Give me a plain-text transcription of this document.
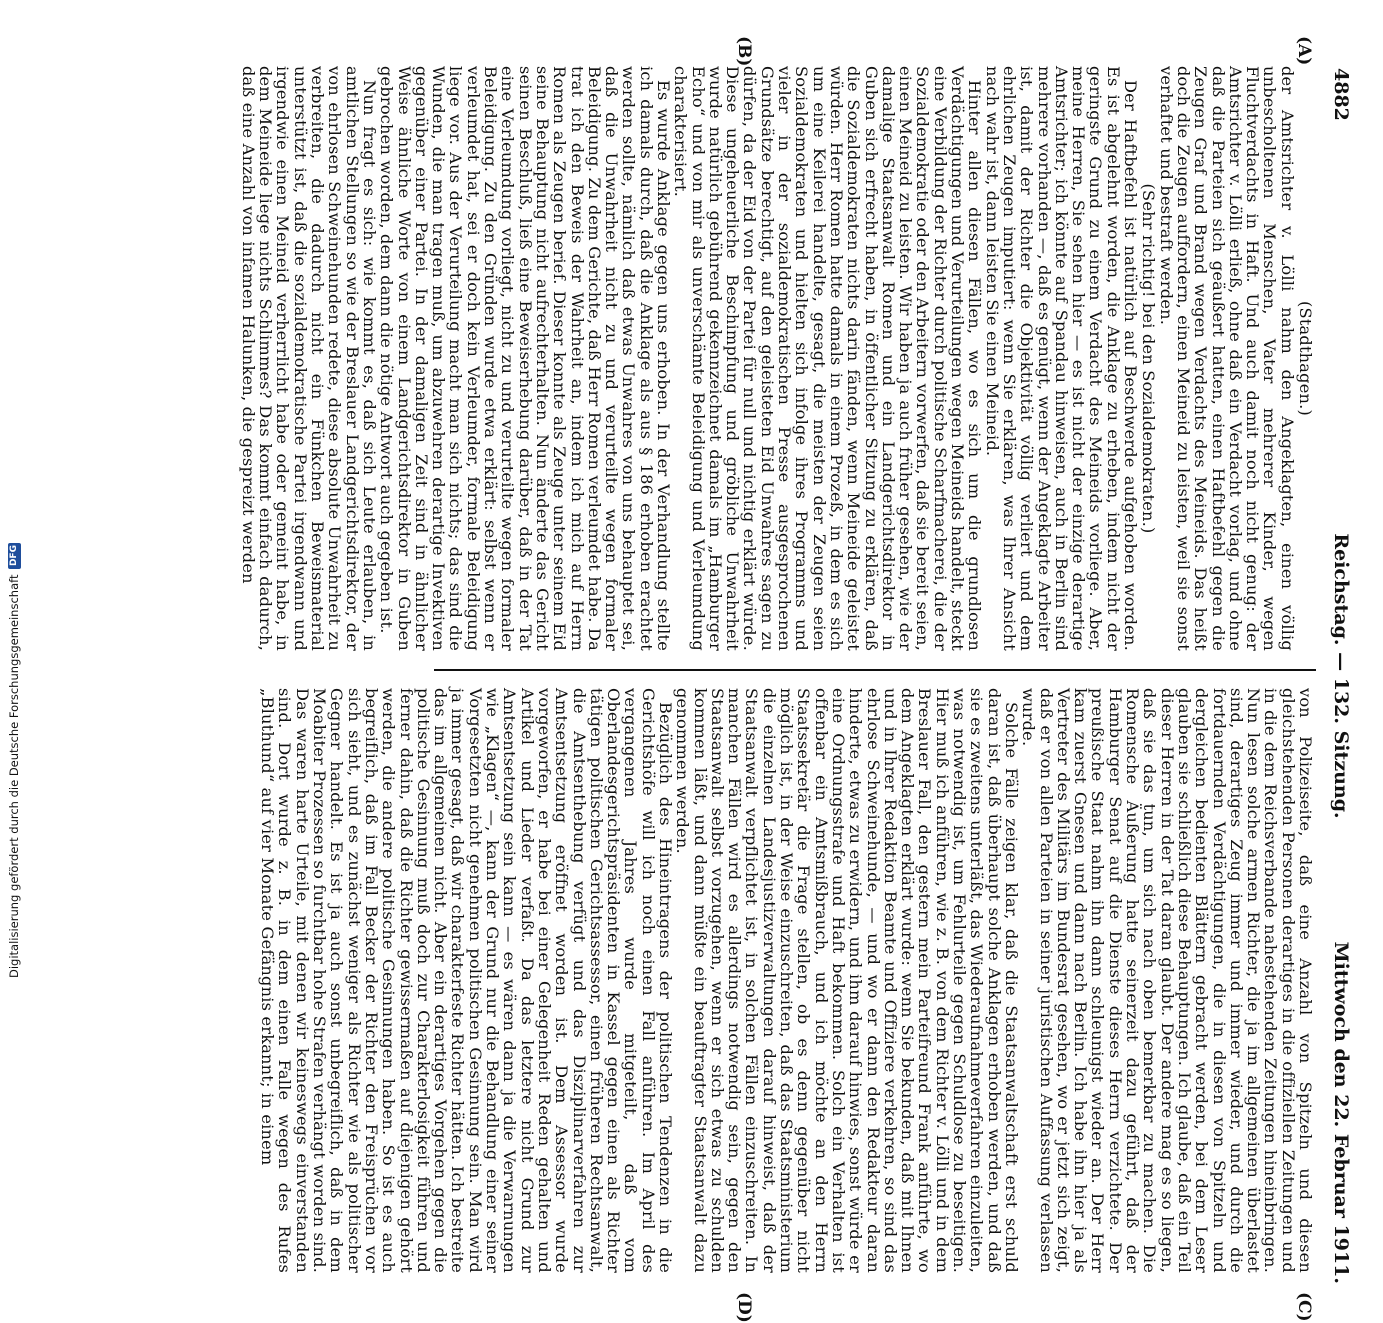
4882
Reichstag. — 132. Sitzung.
Mittwoch den 22. Februar 1911.

(Stadthagen.)

der Amtsrichter v. Lölli nahm den Angeklagten, einen völlig unbescholtenen Menschen, Vater mehrerer Kinder, wegen Fluchtverdachts in Haft. Und auch damit noch nicht genug: der Amtsrichter v. Lölli erließ, ohne daß ein Verdacht vorlag, und ohne daß die Parteien sich geäußert hatten, einen Haftbefehl gegen die Zeugen Graf und Brand wegen Verdachts des Meineids. Das heißt doch die Zeugen auffordern, einen Meineid zu leisten, weil sie sonst verhaftet und bestraft werden.

(Sehr richtig! bei den Sozialdemokraten.)

Der Haftbefehl ist natürlich auf Beschwerde aufgehoben worden. Es ist abgelehnt worden, die Anklage zu erheben, indem nicht der geringste Grund zu einem Verdacht des Meineids vorliege. Aber, meine Herren, Sie sehen hier — es ist nicht der einzige derartige Amtsrichter; ich könnte auf Spandau hinweisen, auch in Berlin sind mehrere vorhanden —, daß es genügt, wenn der Angeklagte Arbeiter ist, damit der Richter die Objektivität völlig verliert und dem ehrlichen Zeugen imputiert: wenn Sie erklären, was Ihrer Ansicht nach wahr ist, dann leisten Sie einen Meineid.

Hinter allen diesen Fällen, wo es sich um die grundlosen Verdächtigungen und Verurteilungen wegen Meineids handelt, steckt eine Verbildung der Richter durch politische Scharfmacherei, die der Sozialdemokratie oder den Arbeitern vorwerfen, daß sie bereit seien, einen Meineid zu leisten. Wir haben ja auch früher gesehen, wie der damalige Staatsanwalt Romen und ein Landgerichtsdirektor in Guben sich erfrecht haben, in öffentlicher Sitzung zu erklären, daß die Sozialdemokraten nichts darin fänden, wenn Meineide geleistet würden. Herr Romen hatte damals in einem Prozeß, in dem es sich um eine Keilerei handelte, gesagt, die meisten der Zeugen seien Sozialdemokraten und hielten sich infolge ihres Programms und vieler in der sozialdemokratischen Presse ausgesprochenen Grundsätze berechtigt, auf den geleisteten Eid Unwahres sagen zu dürfen, da der Eid von der Partei für null und nichtig erklärt würde. Diese ungeheuerliche Beschimpfung und gröbliche Unwahrheit wurde natürlich gebührend gekennzeichnet damals im „Hamburger Echo“ und von mir als unverschämte Beleidigung und Verleumdung charakterisiert.

Es wurde Anklage gegen uns erhoben. In der Verhandlung stellte ich damals durch, daß die Anklage als aus § 186 erhoben erachtet werden sollte, nämlich daß etwas Unwahres von uns behauptet sei, daß die Unwahrheit nicht zu und verurteilte wegen formaler Beleidigung. Zu dem Gerichte, daß Herr Romen verleumdet habe. Da trat ich den Beweis der Wahrheit an, indem ich mich auf Herrn Romen als Zeugen berief. Dieser konnte als Zeuge unter seinem Eid seine Behauptung nicht aufrechterhalten. Nun änderte das Gericht seinen Beschluß, ließ eine Beweiserhebung darüber, daß in der Tat eine Verleumdung vorliegt, nicht zu und verurteilte wegen formaler Beleidigung. Zu den Gründen wurde etwa erklärt: selbst wenn er verleumdet hat, sei er doch kein Verleumder, formale Beleidigung liege vor. Aus der Verurteilung macht man sich nichts; das sind die Wunden, die man tragen muß, um abzuwehren derartige Invektiven gegenüber einer Partei. In der damaligen Zeit sind in ähnlicher Weise ähnliche Worte von einem Landgerichtsdirektor in Guben gebrochen worden, dem dann die nötige Antwort auch gegeben ist.

Nun fragt es sich: wie kommt es, daß sich Leute erlauben, in amtlichen Stellungen so wie der Breslauer Landgerichtsdirektor, der von ehrlosen Schweinehunden redete, diese absolute Unwahrheit zu verbreiten, die dadurch nicht ein Fünkchen Beweismaterial unterstützt ist, daß die sozialdemokratische Partei irgendwann und irgendwie einen Meineid verherrlicht habe oder gemeint habe, in dem Meineide liege nichts Schlimmes? Das kommt einfach dadurch, daß eine Anzahl von infamen Halunken, die gespreizt werden

von Polizeiseite, daß eine Anzahl von Spitzeln und diesen gleichstehenden Personen derartiges in die offiziellen Zeitungen und in die dem Reichsverbande nahestehenden Zeitungen hineinbringen. Nun lesen solche armen Richter, die ja im allgemeinen überlastet sind, derartiges Zeug immer und immer wieder, und durch die fortdauernden Verdächtigungen, die in diesen von Spitzeln und dergleichen bedienten Blättern gebracht werden, bei dem Leser glauben sie schließlich diese Behauptungen. Ich glaube, daß ein Teil dieser Herren in der Tat daran glaubt. Der andere mag es so liegen, daß sie das tun, um sich nach oben bemerkbar zu machen. Die Romensche Äußerung hatte seinerzeit dazu geführt, daß der Hamburger Senat auf die Dienste dieses Herrn verzichtete. Der preußische Staat nahm ihn dann schleunigst wieder an. Der Herr kam zuerst Gnesen und dann nach Berlin. Ich habe ihn hier ja als Vertreter des Militärs im Bundesrat gesehen, wo er jetzt sich zeigt, daß er von allen Parteien in seiner juristischen Auffassung verlassen wurde.

Solche Fälle zeigen klar, daß die Staatsanwaltschaft erst schuld daran ist, daß überhaupt solche Anklagen erhoben werden, und daß sie es zweitens unterläßt, das Wiederaufnahmeverfahren einzuleiten, was notwendig ist, um Fehlurteile gegen Schuldlose zu beseitigen. Hier muß ich anführen, wie z. B. von dem Richter v. Lölli und in dem Breslauer Fall, den gestern mein Parteifreund Frank anführte, wo dem Angeklagten erklärt wurde: wenn Sie bekunden, daß mit Ihnen und in Ihrer Redaktion Beamte und Offiziere verkehren, so sind das ehrlose Schweinehunde, — und wo er dann den Redakteur daran hinderte, etwas zu erwidern, und ihm darauf hinwies, sonst würde er eine Ordnungsstrafe und Haft bekommen. Solch ein Verhalten ist offenbar ein Amtsmißbrauch, und ich möchte an den Herrn Staatssekretär die Frage stellen, ob es denn gegenüber nicht möglich ist, in der Weise einzuschreiten, daß das Staatsministerium die einzelnen Landesjustizverwaltungen darauf hinweist, daß der Staatsanwalt verpflichtet ist, in solchen Fällen einzuschreiten. In manchen Fällen wird es allerdings notwendig sein, gegen den Staatsanwalt selbst vorzugehen, wenn er sich etwas zu schulden kommen läßt, und dann müßte ein beauftragter Staatsanwalt dazu genommen werden.

Bezüglich des Hineintragens der politischen Tendenzen in die Gerichtshöfe will ich noch einen Fall anführen. Im April des vergangenen Jahres wurde mitgeteilt, daß vom Oberlandesgerichtspräsidenten in Kassel gegen einen als Richter tätigen politischen Gerichtsassessor, einen früheren Rechtsanwalt, die Amtsenthebung verfügt und das Disziplinarverfahren zur Amtsentsetzung eröffnet worden ist. Dem Assessor wurde vorgeworfen, er habe bei einer Gelegenheit Reden gehalten und Artikel und Lieder verfaßt. Da das letztere nicht Grund zur Amtsentsetzung sein kann — es wären dann ja die Verwarnungen wie „Klagen“ —, kann der Grund nur die Behandlung einer seiner Vorgesetzten nicht genehmen politischen Gesinnung sein. Man wird ja immer gesagt, daß wir charakterfeste Richter hätten. Ich bestreite das im allgemeinen nicht. Aber ein derartiges Vorgehen gegen die politische Gesinnung muß doch zur Charakterlosigkeit führen und ferner dahin, daß die Richter gewissermaßen auf diejenigen gehört werden, die andere politische Gesinnungen haben. So ist es auch begreiflich, daß im Fall Becker der Richter den Freisprüchen vor sich sieht, und es zunächst weniger als Richter wie als politischer Gegner handelt. Es ist ja auch sonst unbegreiflich, daß in dem Moabiter Prozessen so furchtbar hohe Strafen verhängt worden sind. Das waren harte Urteile, mit denen wir keineswegs einverstanden sind. Dort wurde z. B. in dem einen Falle wegen des Rufes „Bluthund“ auf vier Monate Gefängnis erkannt; in einem

(A)
(B)
(C)
(D)
Digitalisierung gefördert durch die Deutsche Forschungsgemeinschaft
DFG
